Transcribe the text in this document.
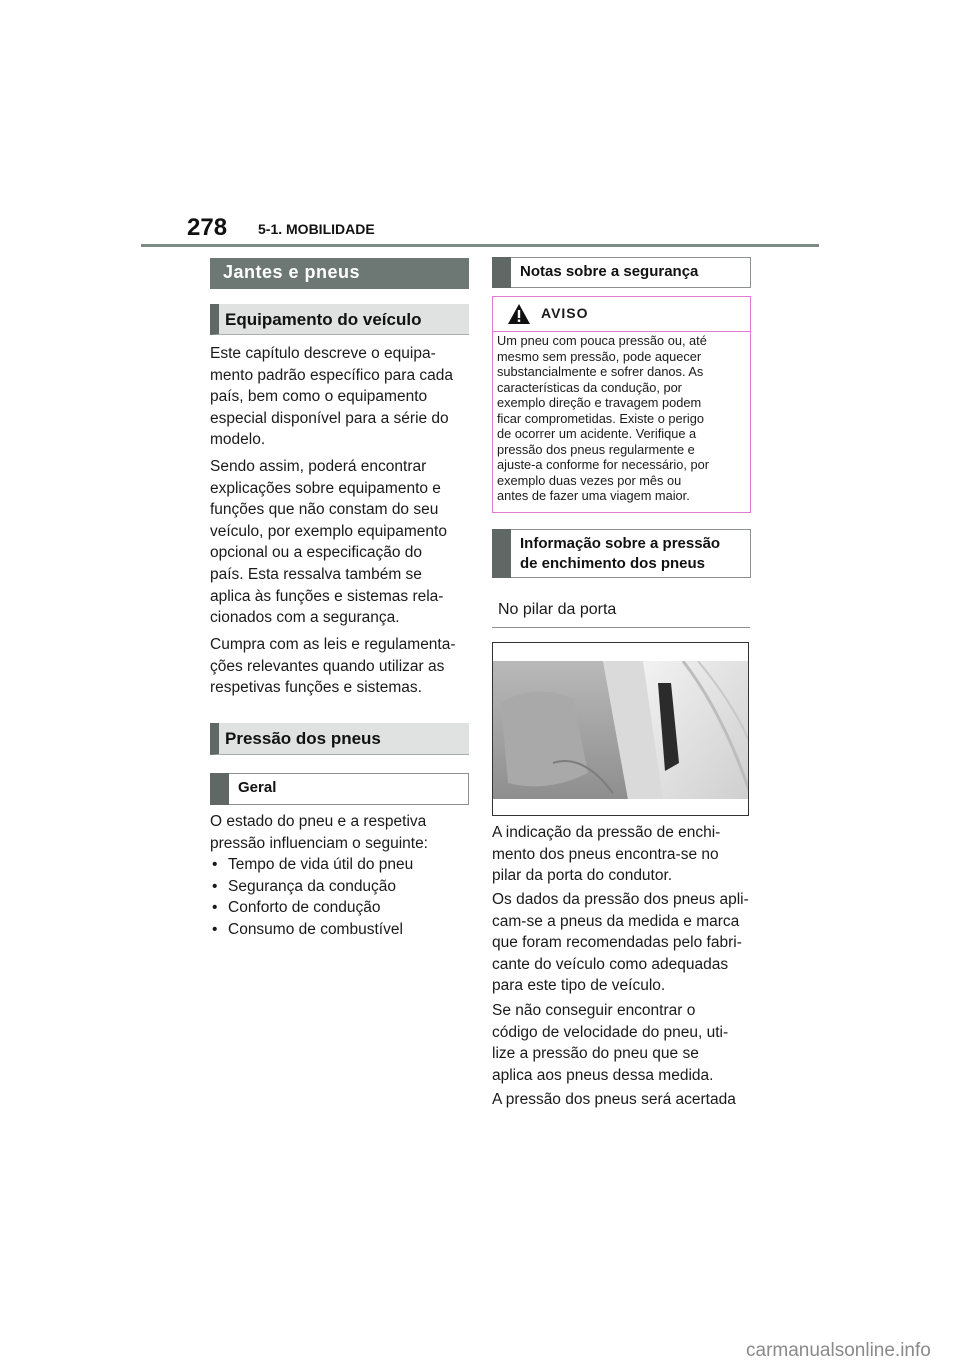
278 5-1. MOBILIDADE
Jantes e pneus
Equipamento do veículo
Este capítulo descreve o equipa-
mento padrão específico para cada
país, bem como o equipamento
especial disponível para a série do
modelo.
Sendo assim, poderá encontrar
explicações sobre equipamento e
funções que não constam do seu
veículo, por exemplo equipamento
opcional ou a especificação do
país. Esta ressalva também se
aplica às funções e sistemas rela-
cionados com a segurança.
Cumpra com as leis e regulamenta-
ções relevantes quando utilizar as
respetivas funções e sistemas.
Pressão dos pneus
Geral
O estado do pneu e a respetiva
pressão influenciam o seguinte:
• Tempo de vida útil do pneu
• Segurança da condução
• Conforto de condução
• Consumo de combustível
Notas sobre a segurança
AVISO
Um pneu com pouca pressão ou, até
mesmo sem pressão, pode aquecer
substancialmente e sofrer danos. As
características da condução, por
exemplo direção e travagem podem
ficar comprometidas. Existe o perigo
de ocorrer um acidente. Verifique a
pressão dos pneus regularmente e
ajuste-a conforme for necessário, por
exemplo duas vezes por mês ou
antes de fazer uma viagem maior.
Informação sobre a pressão
de enchimento dos pneus
No pilar da porta
A indicação da pressão de enchi-
mento dos pneus encontra-se no
pilar da porta do condutor.
Os dados da pressão dos pneus apli-
cam-se a pneus da medida e marca
que foram recomendadas pelo fabri-
cante do veículo como adequadas
para este tipo de veículo.
Se não conseguir encontrar o
código de velocidade do pneu, uti-
lize a pressão do pneu que se
aplica aos pneus dessa medida.
A pressão dos pneus será acertada
carmanualsonline.info
